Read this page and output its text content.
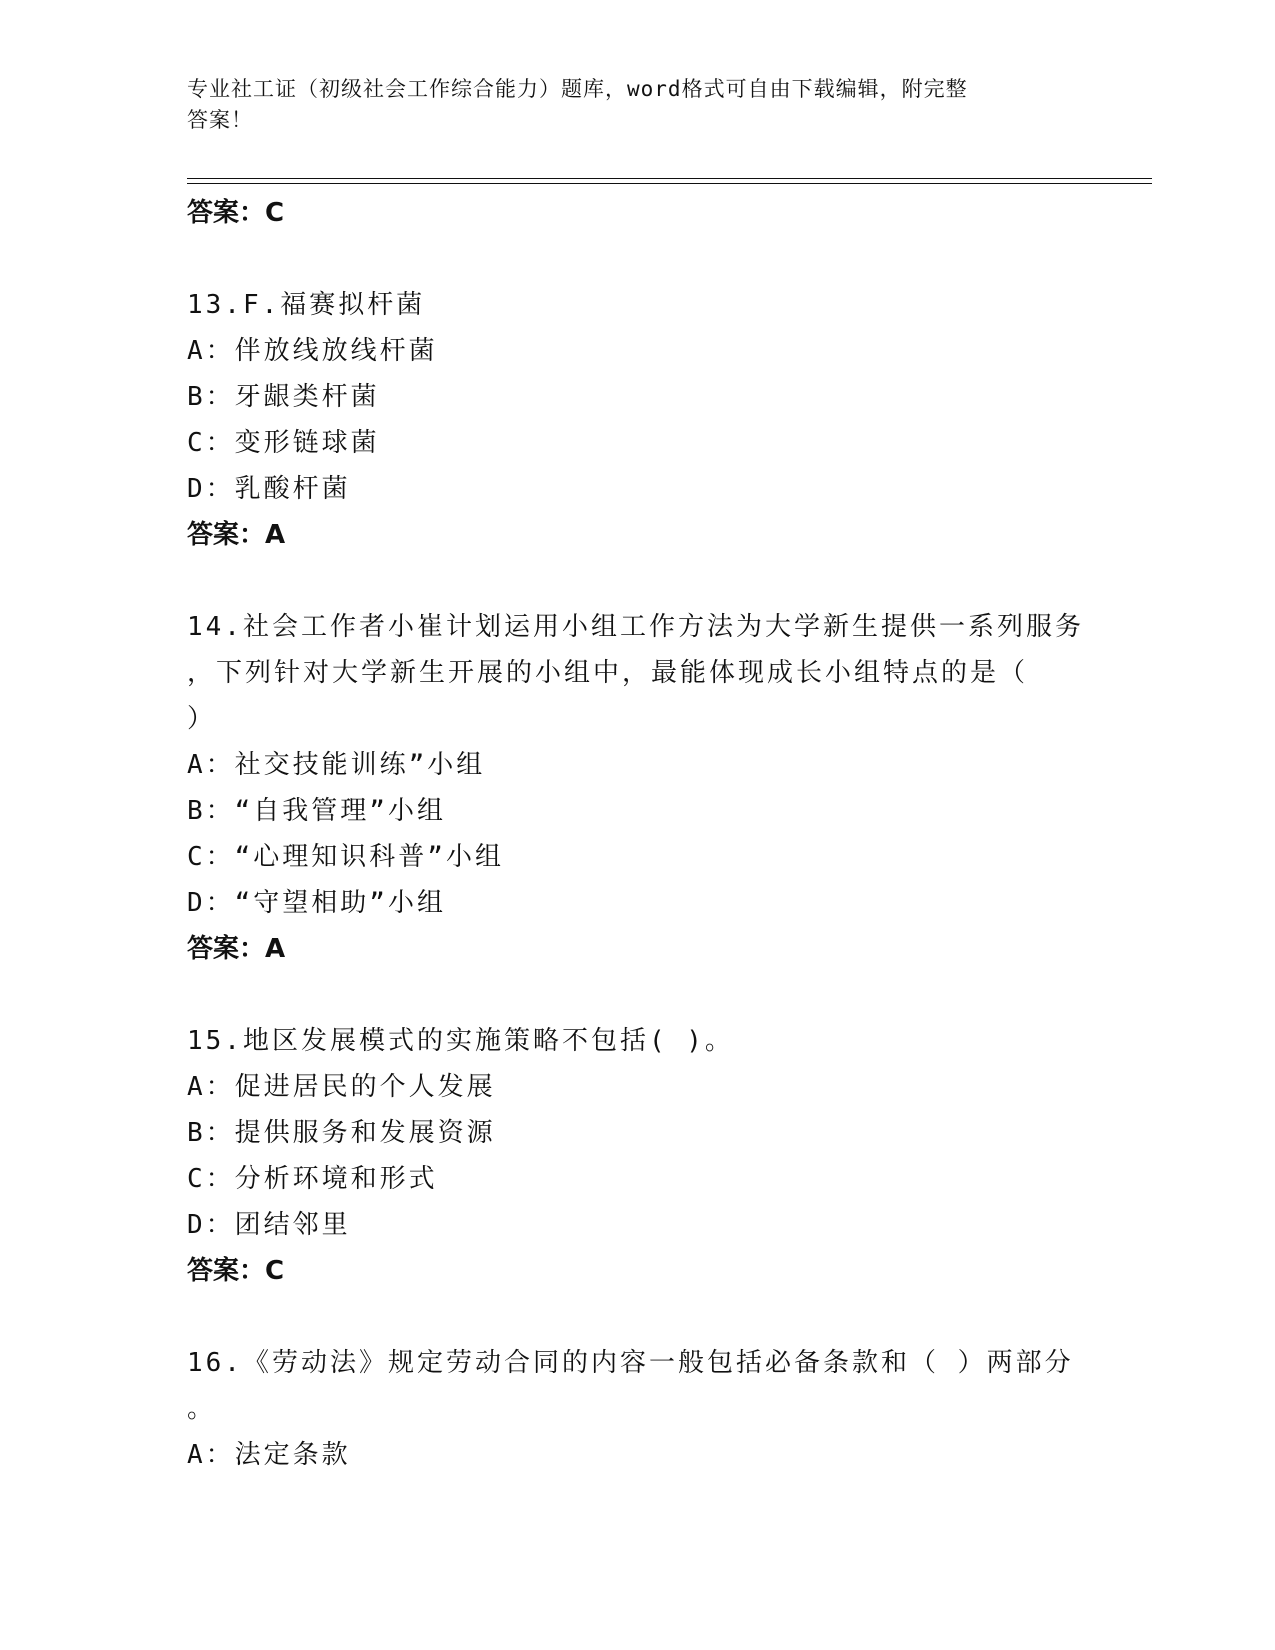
专业社工证（初级社会工作综合能力）题库，word格式可自由下载编辑，附完整
答案！
答案：C
13.F.福赛拟杆菌
A：伴放线放线杆菌
B：牙龈类杆菌
C：变形链球菌
D：乳酸杆菌
答案：A
14.社会工作者小崔计划运用小组工作方法为大学新生提供一系列服务
，下列针对大学新生开展的小组中，最能体现成长小组特点的是（
）
A：社交技能训练”小组
B：“自我管理”小组
C：“心理知识科普”小组
D：“守望相助”小组
答案：A
15.地区发展模式的实施策略不包括( )。
A：促进居民的个人发展
B：提供服务和发展资源
C：分析环境和形式
D：团结邻里
答案：C
16.《劳动法》规定劳动合同的内容一般包括必备条款和（ ）两部分
。
A：法定条款
